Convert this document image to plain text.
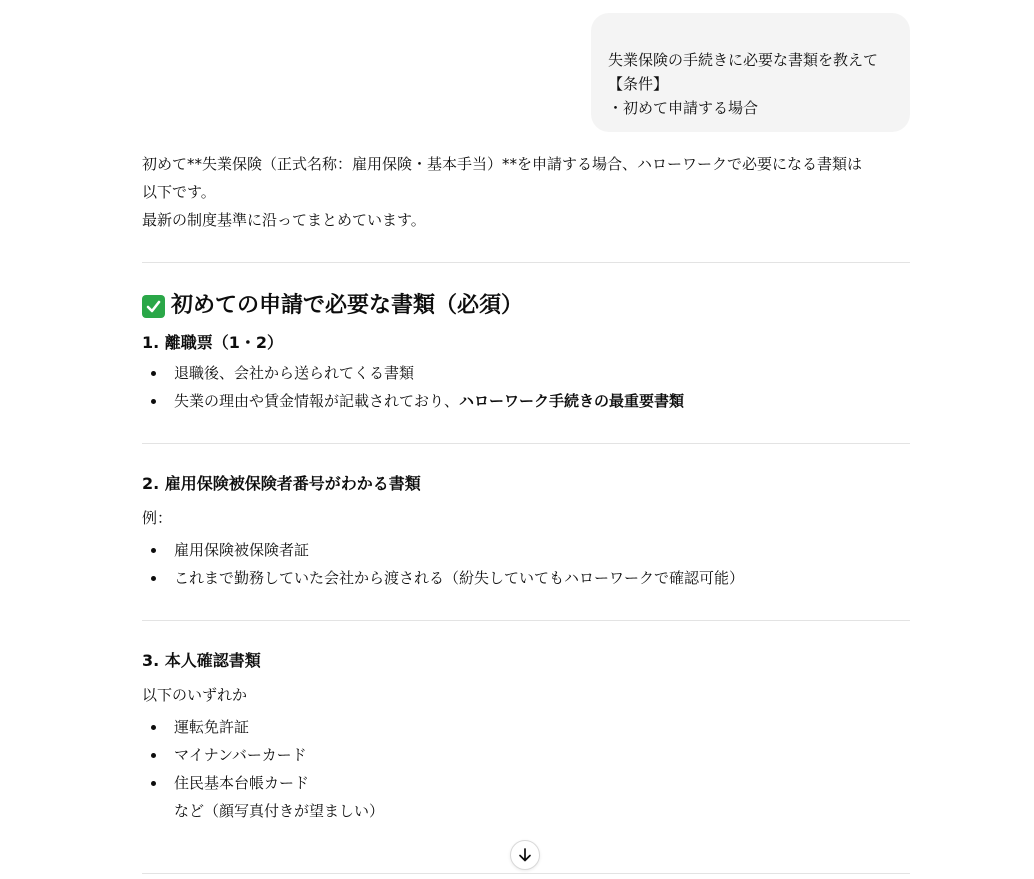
失業保険の手続きに必要な書類を教えて
【条件】
・初めて申請する場合

初めて**失業保険（正式名称：雇用保険・基本手当）**を申請する場合、ハローワークで必要になる書類は
以下です。

最新の制度基準に沿ってまとめています。

初めての申請で必要な書類（必須）
1. 離職票（1・2）
退職後、会社から送られてくる書類
失業の理由や賃金情報が記載されており、ハローワーク手続きの最重要書類
2. 雇用保険被保険者番号がわかる書類

例：

雇用保険被保険者証
これまで勤務していた会社から渡される（紛失していてもハローワークで確認可能）
3. 本人確認書類

以下のいずれか

運転免許証
マイナンバーカード
住民基本台帳カード
など（顔写真付きが望ましい）
